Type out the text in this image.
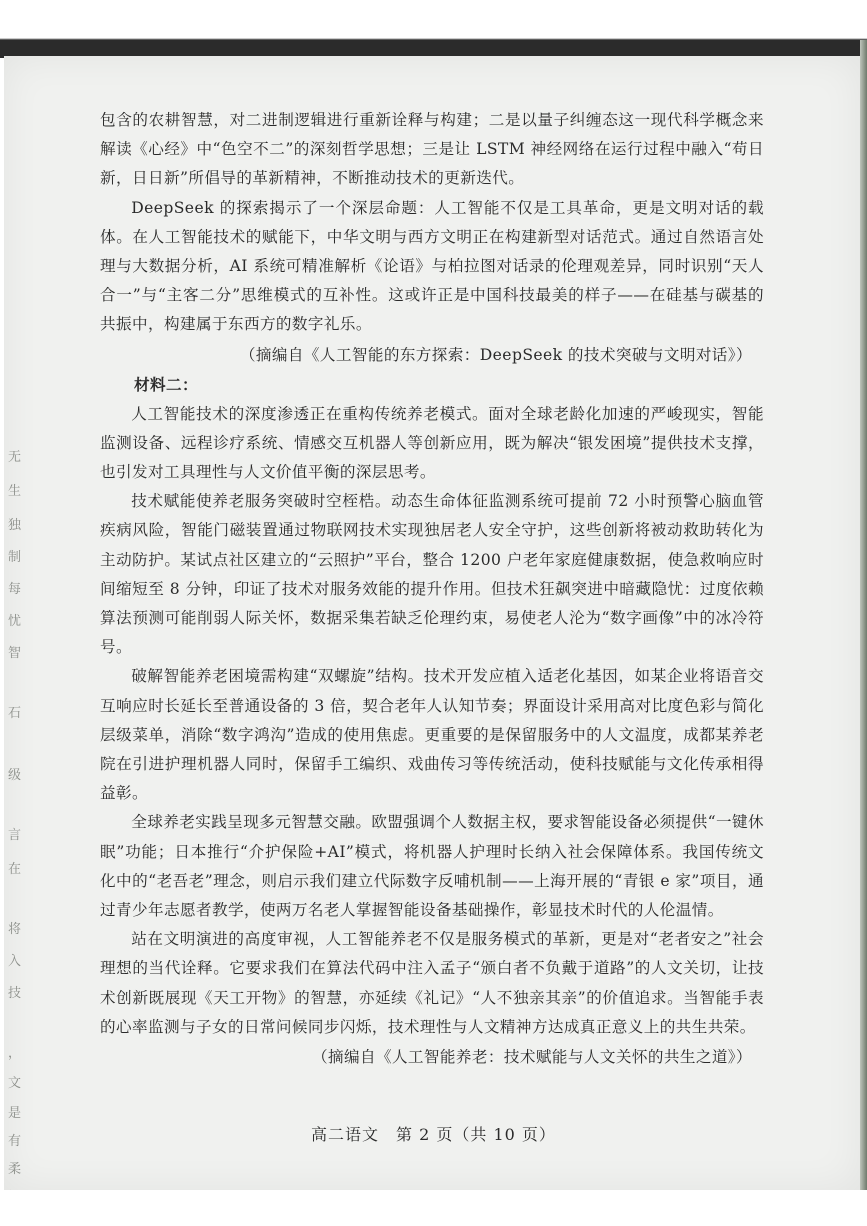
无
生
独
制
每
忧
智
石
级
言
在
将
入
技
，
文
是
有
柔

包含的农耕智慧，对二进制逻辑进行重新诠释与构建；二是以量子纠缠态这一现代科学概念来解读《心经》中“色空不二”的深刻哲学思想；三是让 LSTM 神经网络在运行过程中融入“苟日新，日日新”所倡导的革新精神，不断推动技术的更新迭代。

DeepSeek 的探索揭示了一个深层命题：人工智能不仅是工具革命，更是文明对话的载体。在人工智能技术的赋能下，中华文明与西方文明正在构建新型对话范式。通过自然语言处理与大数据分析，AI 系统可精准解析《论语》与柏拉图对话录的伦理观差异，同时识别“天人合一”与“主客二分”思维模式的互补性。这或许正是中国科技最美的样子——在硅基与碳基的共振中，构建属于东西方的数字礼乐。

（摘编自《人工智能的东方探索：DeepSeek 的技术突破与文明对话》）

材料二：

人工智能技术的深度渗透正在重构传统养老模式。面对全球老龄化加速的严峻现实，智能监测设备、远程诊疗系统、情感交互机器人等创新应用，既为解决“银发困境”提供技术支撑，也引发对工具理性与人文价值平衡的深层思考。

技术赋能使养老服务突破时空桎梏。动态生命体征监测系统可提前 72 小时预警心脑血管疾病风险，智能门磁装置通过物联网技术实现独居老人安全守护，这些创新将被动救助转化为主动防护。某试点社区建立的“云照护”平台，整合 1200 户老年家庭健康数据，使急救响应时间缩短至 8 分钟，印证了技术对服务效能的提升作用。但技术狂飙突进中暗藏隐忧：过度依赖算法预测可能削弱人际关怀，数据采集若缺乏伦理约束，易使老人沦为“数字画像”中的冰冷符号。

破解智能养老困境需构建“双螺旋”结构。技术开发应植入适老化基因，如某企业将语音交互响应时长延长至普通设备的 3 倍，契合老年人认知节奏；界面设计采用高对比度色彩与简化层级菜单，消除“数字鸿沟”造成的使用焦虑。更重要的是保留服务中的人文温度，成都某养老院在引进护理机器人同时，保留手工编织、戏曲传习等传统活动，使科技赋能与文化传承相得益彰。

全球养老实践呈现多元智慧交融。欧盟强调个人数据主权，要求智能设备必须提供“一键休眠”功能；日本推行“介护保险+AI”模式，将机器人护理时长纳入社会保障体系。我国传统文化中的“老吾老”理念，则启示我们建立代际数字反哺机制——上海开展的“青银 e 家”项目，通过青少年志愿者教学，使两万名老人掌握智能设备基础操作，彰显技术时代的人伦温情。

站在文明演进的高度审视，人工智能养老不仅是服务模式的革新，更是对“老者安之”社会理想的当代诠释。它要求我们在算法代码中注入孟子“颁白者不负戴于道路”的人文关切，让技术创新既展现《天工开物》的智慧，亦延续《礼记》“人不独亲其亲”的价值追求。当智能手表的心率监测与子女的日常问候同步闪烁，技术理性与人文精神方达成真正意义上的共生共荣。

（摘编自《人工智能养老：技术赋能与人文关怀的共生之道》）

高二语文　第 2 页（共 10 页）
